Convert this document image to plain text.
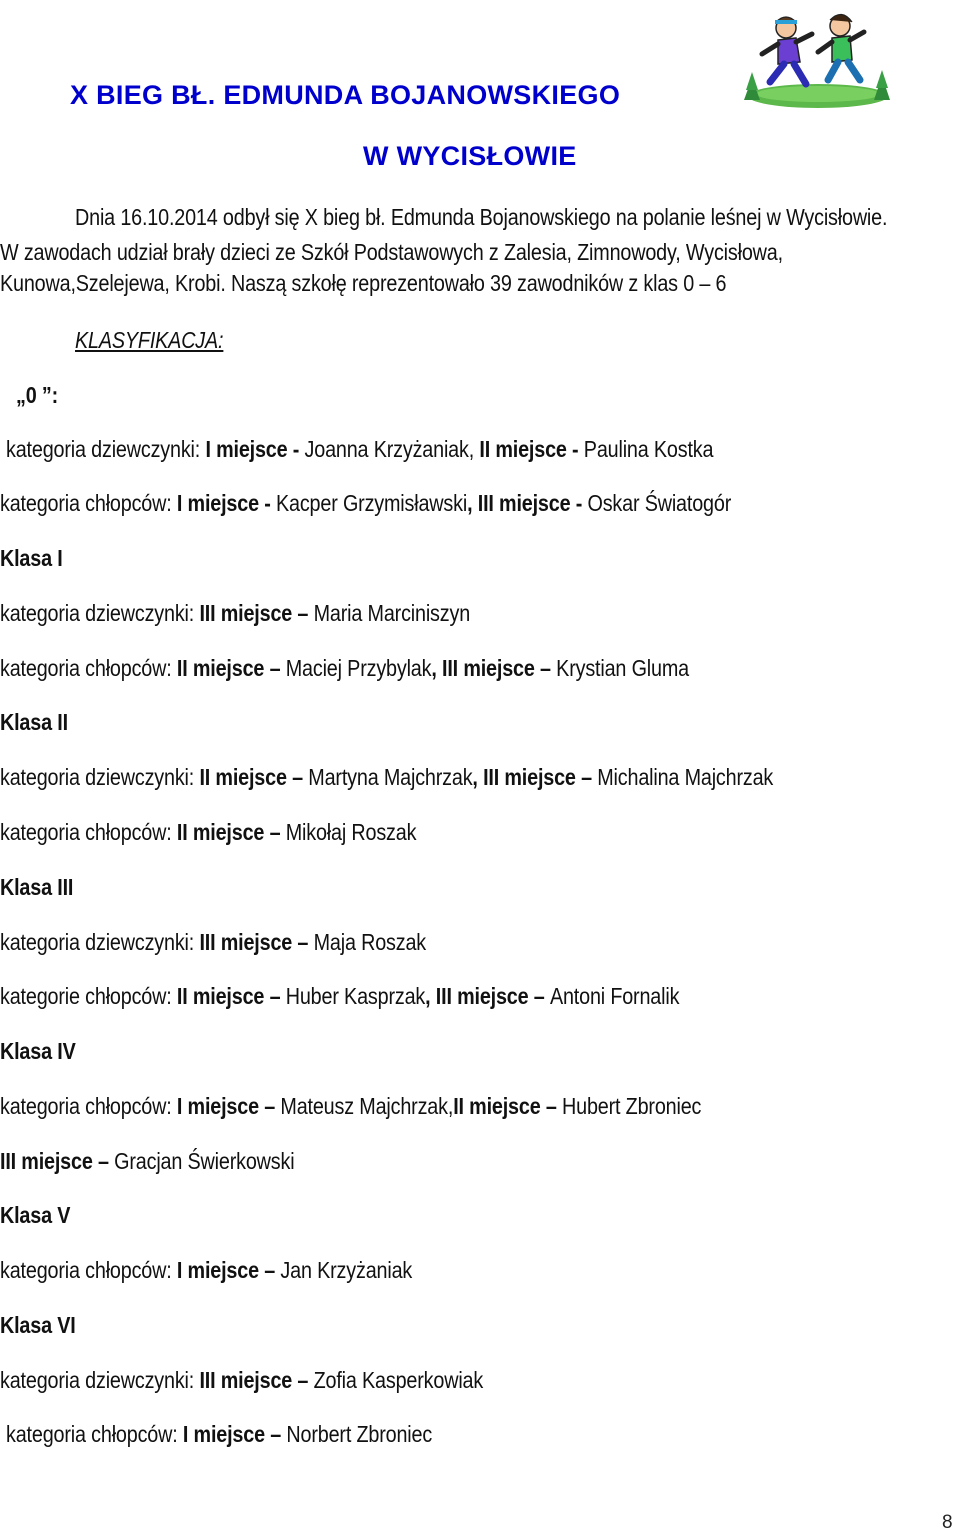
X BIEG BŁ. EDMUNDA BOJANOWSKIEGO
W WYCISŁOWIE
Dnia 16.10.2014 odbył się X bieg bł. Edmunda Bojanowskiego na polanie leśnej w Wycisłowie.
W zawodach udział brały dzieci ze Szkół Podstawowych z Zalesia, Zimnowody, Wycisłowa,
Kunowa,Szelejewa, Krobi. Naszą szkołę reprezentowało 39 zawodników z klas 0 – 6
KLASYFIKACJA:
„0 ”:
kategoria dziewczynki: I miejsce - Joanna Krzyżaniak, II miejsce - Paulina Kostka
kategoria chłopców: I miejsce - Kacper Grzymisławski, III miejsce - Oskar Światogór
Klasa I
kategoria dziewczynki: III miejsce – Maria Marciniszyn
kategoria chłopców: II miejsce – Maciej Przybylak, III miejsce – Krystian Gluma
Klasa II
kategoria dziewczynki: II miejsce – Martyna Majchrzak, III miejsce – Michalina Majchrzak
kategoria chłopców: II miejsce – Mikołaj Roszak
Klasa III
kategoria dziewczynki: III miejsce – Maja Roszak
kategorie chłopców: II miejsce – Huber Kasprzak, III miejsce – Antoni Fornalik
Klasa IV
kategoria chłopców: I miejsce – Mateusz Majchrzak,II miejsce – Hubert Zbroniec
III miejsce – Gracjan Świerkowski
Klasa V
kategoria chłopców: I miejsce – Jan Krzyżaniak
Klasa VI
kategoria dziewczynki: III miejsce – Zofia Kasperkowiak
kategoria chłopców: I miejsce – Norbert Zbroniec
8
